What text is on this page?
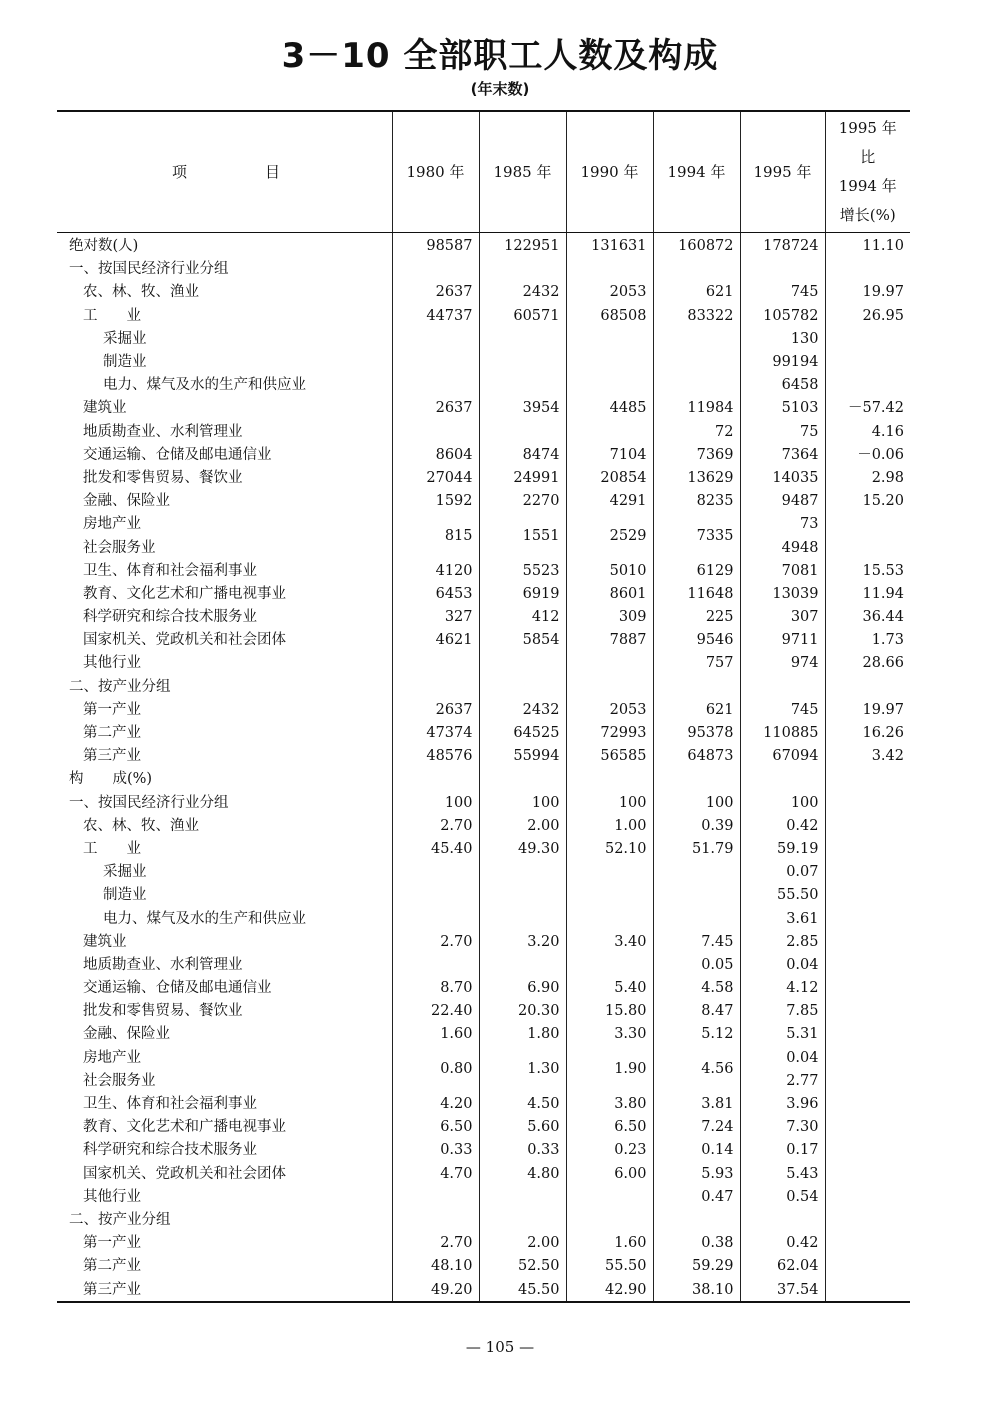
3－10 全部职工人数及构成
(年末数)
项 目	1980 年	1985 年	1990 年	1994 年	1995 年	1995 年
比
1994 年
增长(%)

绝对数(人)	98587	122951	131631	160872	178724	11.10
一、按国民经济行业分组						
农、林、牧、渔业	2637	2432	2053	621	745	19.97
工　　业	44737	60571	68508	83322	105782	26.95
采掘业					130	
制造业					99194	
电力、煤气及水的生产和供应业					6458	
建筑业	2637	3954	4485	11984	5103	－57.42
地质勘查业、水利管理业				72	75	4.16
交通运输、仓储及邮电通信业	8604	8474	7104	7369	7364	－0.06
批发和零售贸易、餐饮业	27044	24991	20854	13629	14035	2.98
金融、保险业	1592	2270	4291	8235	9487	15.20
房地产业	815	1551	2529	7335	73	
社会服务业					4948	
卫生、体育和社会福利事业	4120	5523	5010	6129	7081	15.53
教育、文化艺术和广播电视事业	6453	6919	8601	11648	13039	11.94
科学研究和综合技术服务业	327	412	309	225	307	36.44
国家机关、党政机关和社会团体	4621	5854	7887	9546	9711	1.73
其他行业				757	974	28.66
二、按产业分组						
第一产业	2637	2432	2053	621	745	19.97
第二产业	47374	64525	72993	95378	110885	16.26
第三产业	48576	55994	56585	64873	67094	3.42
构　　成(%)						
一、按国民经济行业分组	100	100	100	100	100	
农、林、牧、渔业	2.70	2.00	1.00	0.39	0.42	
工　　业	45.40	49.30	52.10	51.79	59.19	
采掘业					0.07	
制造业					55.50	
电力、煤气及水的生产和供应业					3.61	
建筑业	2.70	3.20	3.40	7.45	2.85	
地质勘查业、水利管理业				0.05	0.04	
交通运输、仓储及邮电通信业	8.70	6.90	5.40	4.58	4.12	
批发和零售贸易、餐饮业	22.40	20.30	15.80	8.47	7.85	
金融、保险业	1.60	1.80	3.30	5.12	5.31	
房地产业	0.80	1.30	1.90	4.56	0.04	
社会服务业					2.77	
卫生、体育和社会福利事业	4.20	4.50	3.80	3.81	3.96	
教育、文化艺术和广播电视事业	6.50	5.60	6.50	7.24	7.30	
科学研究和综合技术服务业	0.33	0.33	0.23	0.14	0.17	
国家机关、党政机关和社会团体	4.70	4.80	6.00	5.93	5.43	
其他行业				0.47	0.54	
二、按产业分组						
第一产业	2.70	2.00	1.60	0.38	0.42	
第二产业	48.10	52.50	55.50	59.29	62.04	
第三产业	49.20	45.50	42.90	38.10	37.54	
— 105 —
